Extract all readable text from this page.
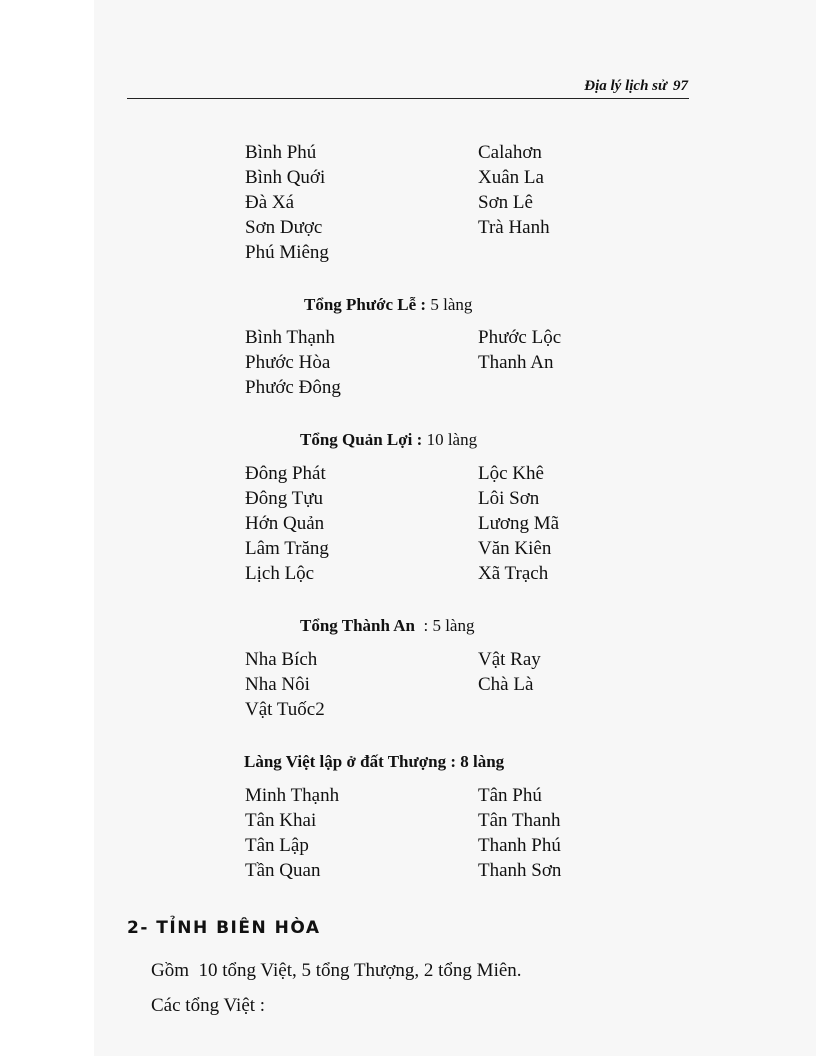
Địa lý lịch sử 97
Bình Phú
Bình Quới
Đà Xá
Sơn Dược
Phú Miêng
Calahơn
Xuân La
Sơn Lê
Trà Hanh
Tổng Phước Lễ : 5 làng
Bình Thạnh
Phước Hòa
Phước Đông
Phước Lộc
Thanh An
Tổng Quản Lợi : 10 làng
Đông Phát
Đông Tựu
Hớn Quản
Lâm Trăng
Lịch Lộc
Lộc Khê
Lôi Sơn
Lương Mã
Văn Kiên
Xã Trạch
Tổng Thành An  : 5 làng
Nha Bích
Nha Nôi
Vật Tuốc2
Vật Ray
Chà Là
Làng Việt lập ở đất Thượng : 8 làng
Minh Thạnh
Tân Khai
Tân Lập
Tần Quan
Tân Phú
Tân Thanh
Thanh Phú
Thanh Sơn
2- TỈNH BIÊN HÒA
Gồm  10 tổng Việt, 5 tổng Thượng, 2 tổng Miên.
Các tổng Việt :
